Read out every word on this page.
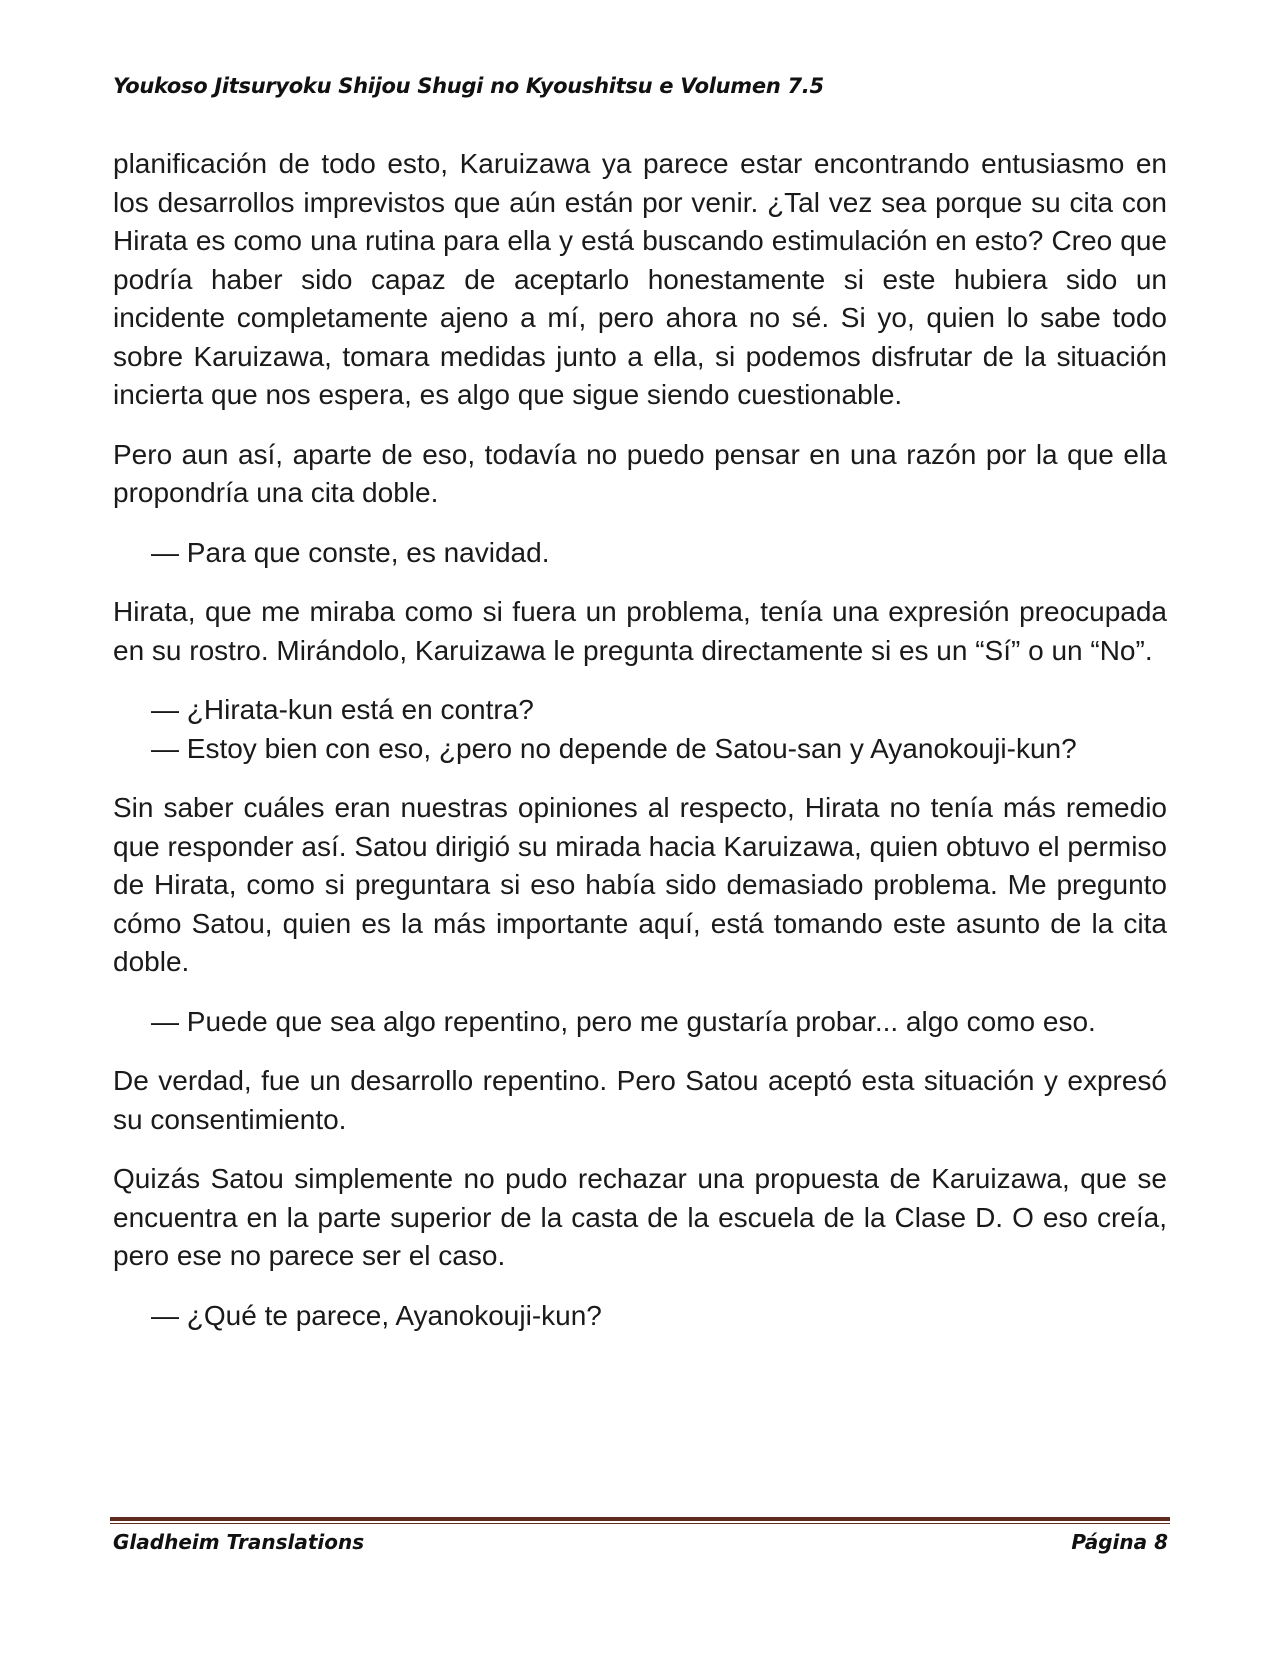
Youkoso Jitsuryoku Shijou Shugi no Kyoushitsu e Volumen 7.5

planificación de todo esto, Karuizawa ya parece estar encontrando entusiasmo en los desarrollos imprevistos que aún están por venir. ¿Tal vez sea porque su cita con Hirata es como una rutina para ella y está buscando estimulación en esto? Creo que podría haber sido capaz de aceptarlo honestamente si este hubiera sido un incidente completamente ajeno a mí, pero ahora no sé. Si yo, quien lo sabe todo sobre Karuizawa, tomara medidas junto a ella, si podemos disfrutar de la situación incierta que nos espera, es algo que sigue siendo cuestionable.

Pero aun así, aparte de eso, todavía no puedo pensar en una razón por la que ella propondría una cita doble.

— Para que conste, es navidad.

Hirata, que me miraba como si fuera un problema, tenía una expresión preocupada en su rostro. Mirándolo, Karuizawa le pregunta directamente si es un “Sí” o un “No”.

— ¿Hirata-kun está en contra?

— Estoy bien con eso, ¿pero no depende de Satou-san y Ayanokouji-kun?

Sin saber cuáles eran nuestras opiniones al respecto, Hirata no tenía más remedio que responder así. Satou dirigió su mirada hacia Karuizawa, quien obtuvo el permiso de Hirata, como si preguntara si eso había sido demasiado problema. Me pregunto cómo Satou, quien es la más importante aquí, está tomando este asunto de la cita doble.

— Puede que sea algo repentino, pero me gustaría probar... algo como eso.

De verdad, fue un desarrollo repentino. Pero Satou aceptó esta situación y expresó su consentimiento.

Quizás Satou simplemente no pudo rechazar una propuesta de Karuizawa, que se encuentra en la parte superior de la casta de la escuela de la Clase D. O eso creía, pero ese no parece ser el caso.

— ¿Qué te parece, Ayanokouji-kun?

Gladheim Translations	Página 8
